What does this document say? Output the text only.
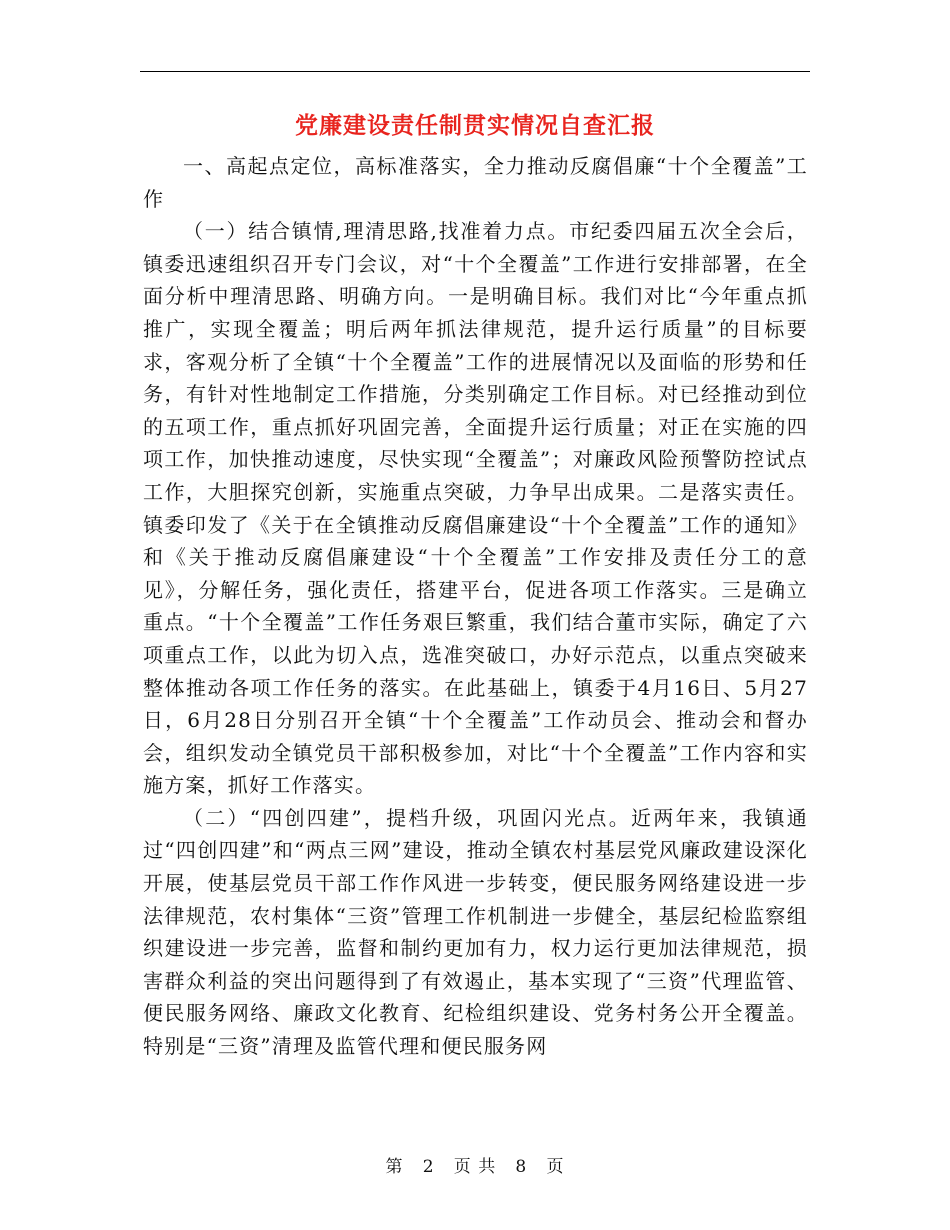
党廉建设责任制贯实情况自查汇报

一、高起点定位，高标准落实，全力推动反腐倡廉“十个全覆盖”工作

（一）结合镇情,理清思路,找准着力点。市纪委四届五次全会后，镇委迅速组织召开专门会议，对“十个全覆盖”工作进行安排部署，在全面分析中理清思路、明确方向。一是明确目标。我们对比“今年重点抓推广，实现全覆盖；明后两年抓法律规范，提升运行质量”的目标要求，客观分析了全镇“十个全覆盖”工作的进展情况以及面临的形势和任务，有针对性地制定工作措施，分类别确定工作目标。对已经推动到位的五项工作，重点抓好巩固完善，全面提升运行质量；对正在实施的四项工作，加快推动速度，尽快实现“全覆盖”；对廉政风险预警防控试点工作，大胆探究创新，实施重点突破，力争早出成果。二是落实责任。镇委印发了《关于在全镇推动反腐倡廉建设“十个全覆盖”工作的通知》和《关于推动反腐倡廉建设“十个全覆盖”工作安排及责任分工的意见》，分解任务，强化责任，搭建平台，促进各项工作落实。三是确立重点。“十个全覆盖”工作任务艰巨繁重，我们结合董市实际，确定了六项重点工作，以此为切入点，选准突破口，办好示范点，以重点突破来整体推动各项工作任务的落实。在此基础上，镇委于4月16日、5月27日，6月28日分别召开全镇“十个全覆盖”工作动员会、推动会和督办会，组织发动全镇党员干部积极参加，对比“十个全覆盖”工作内容和实施方案，抓好工作落实。

（二）“四创四建”，提档升级，巩固闪光点。近两年来，我镇通过“四创四建”和“两点三网”建设，推动全镇农村基层党风廉政建设深化开展，使基层党员干部工作作风进一步转变，便民服务网络建设进一步法律规范，农村集体“三资”管理工作机制进一步健全，基层纪检监察组织建设进一步完善，监督和制约更加有力，权力运行更加法律规范，损害群众利益的突出问题得到了有效遏止，基本实现了“三资”代理监管、便民服务网络、廉政文化教育、纪检组织建设、党务村务公开全覆盖。特别是“三资”清理及监管代理和便民服务网

第 2 页 共 8 页
